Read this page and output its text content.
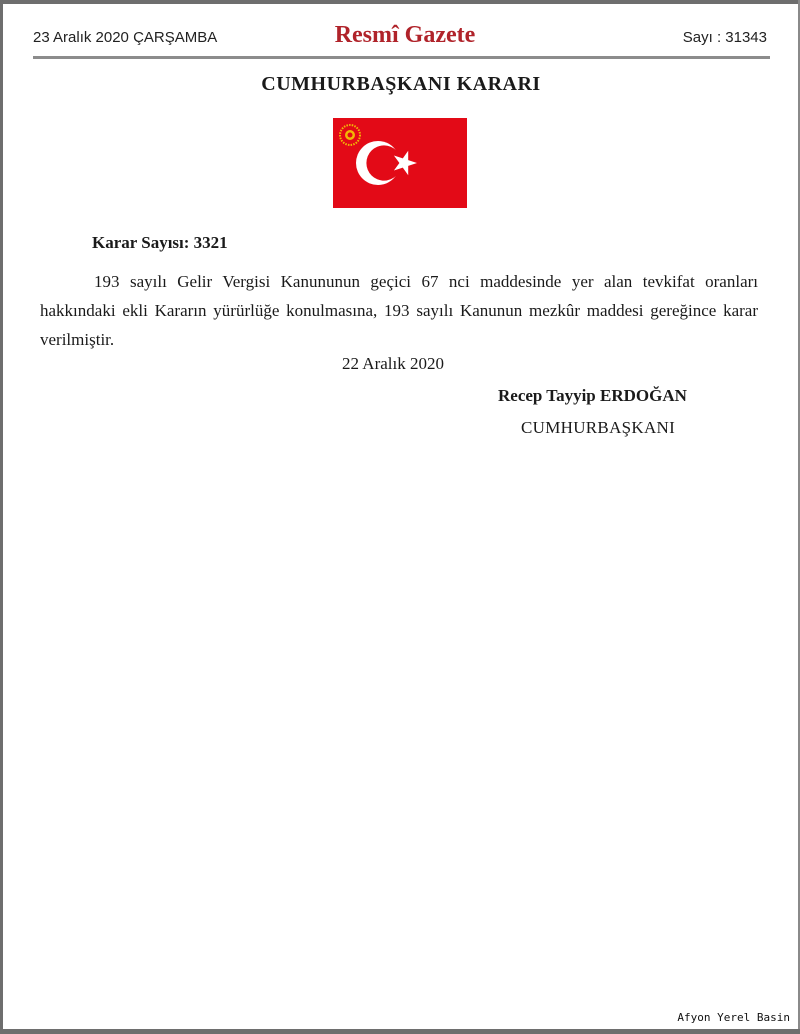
23 Aralık 2020 ÇARŞAMBA	Resmî Gazete	Sayı : 31343
CUMHURBAŞKANI KARARI
Karar Sayısı: 3321

193 sayılı Gelir Vergisi Kanununun geçici 67 nci maddesinde yer alan tevkifat oranları hakkındaki ekli Kararın yürürlüğe konulmasına, 193 sayılı Kanunun mezkûr maddesi gereğince karar verilmiştir.

22 Aralık 2020
Recep Tayyip ERDOĞAN
CUMHURBAŞKANI
Afyon Yerel Basin
